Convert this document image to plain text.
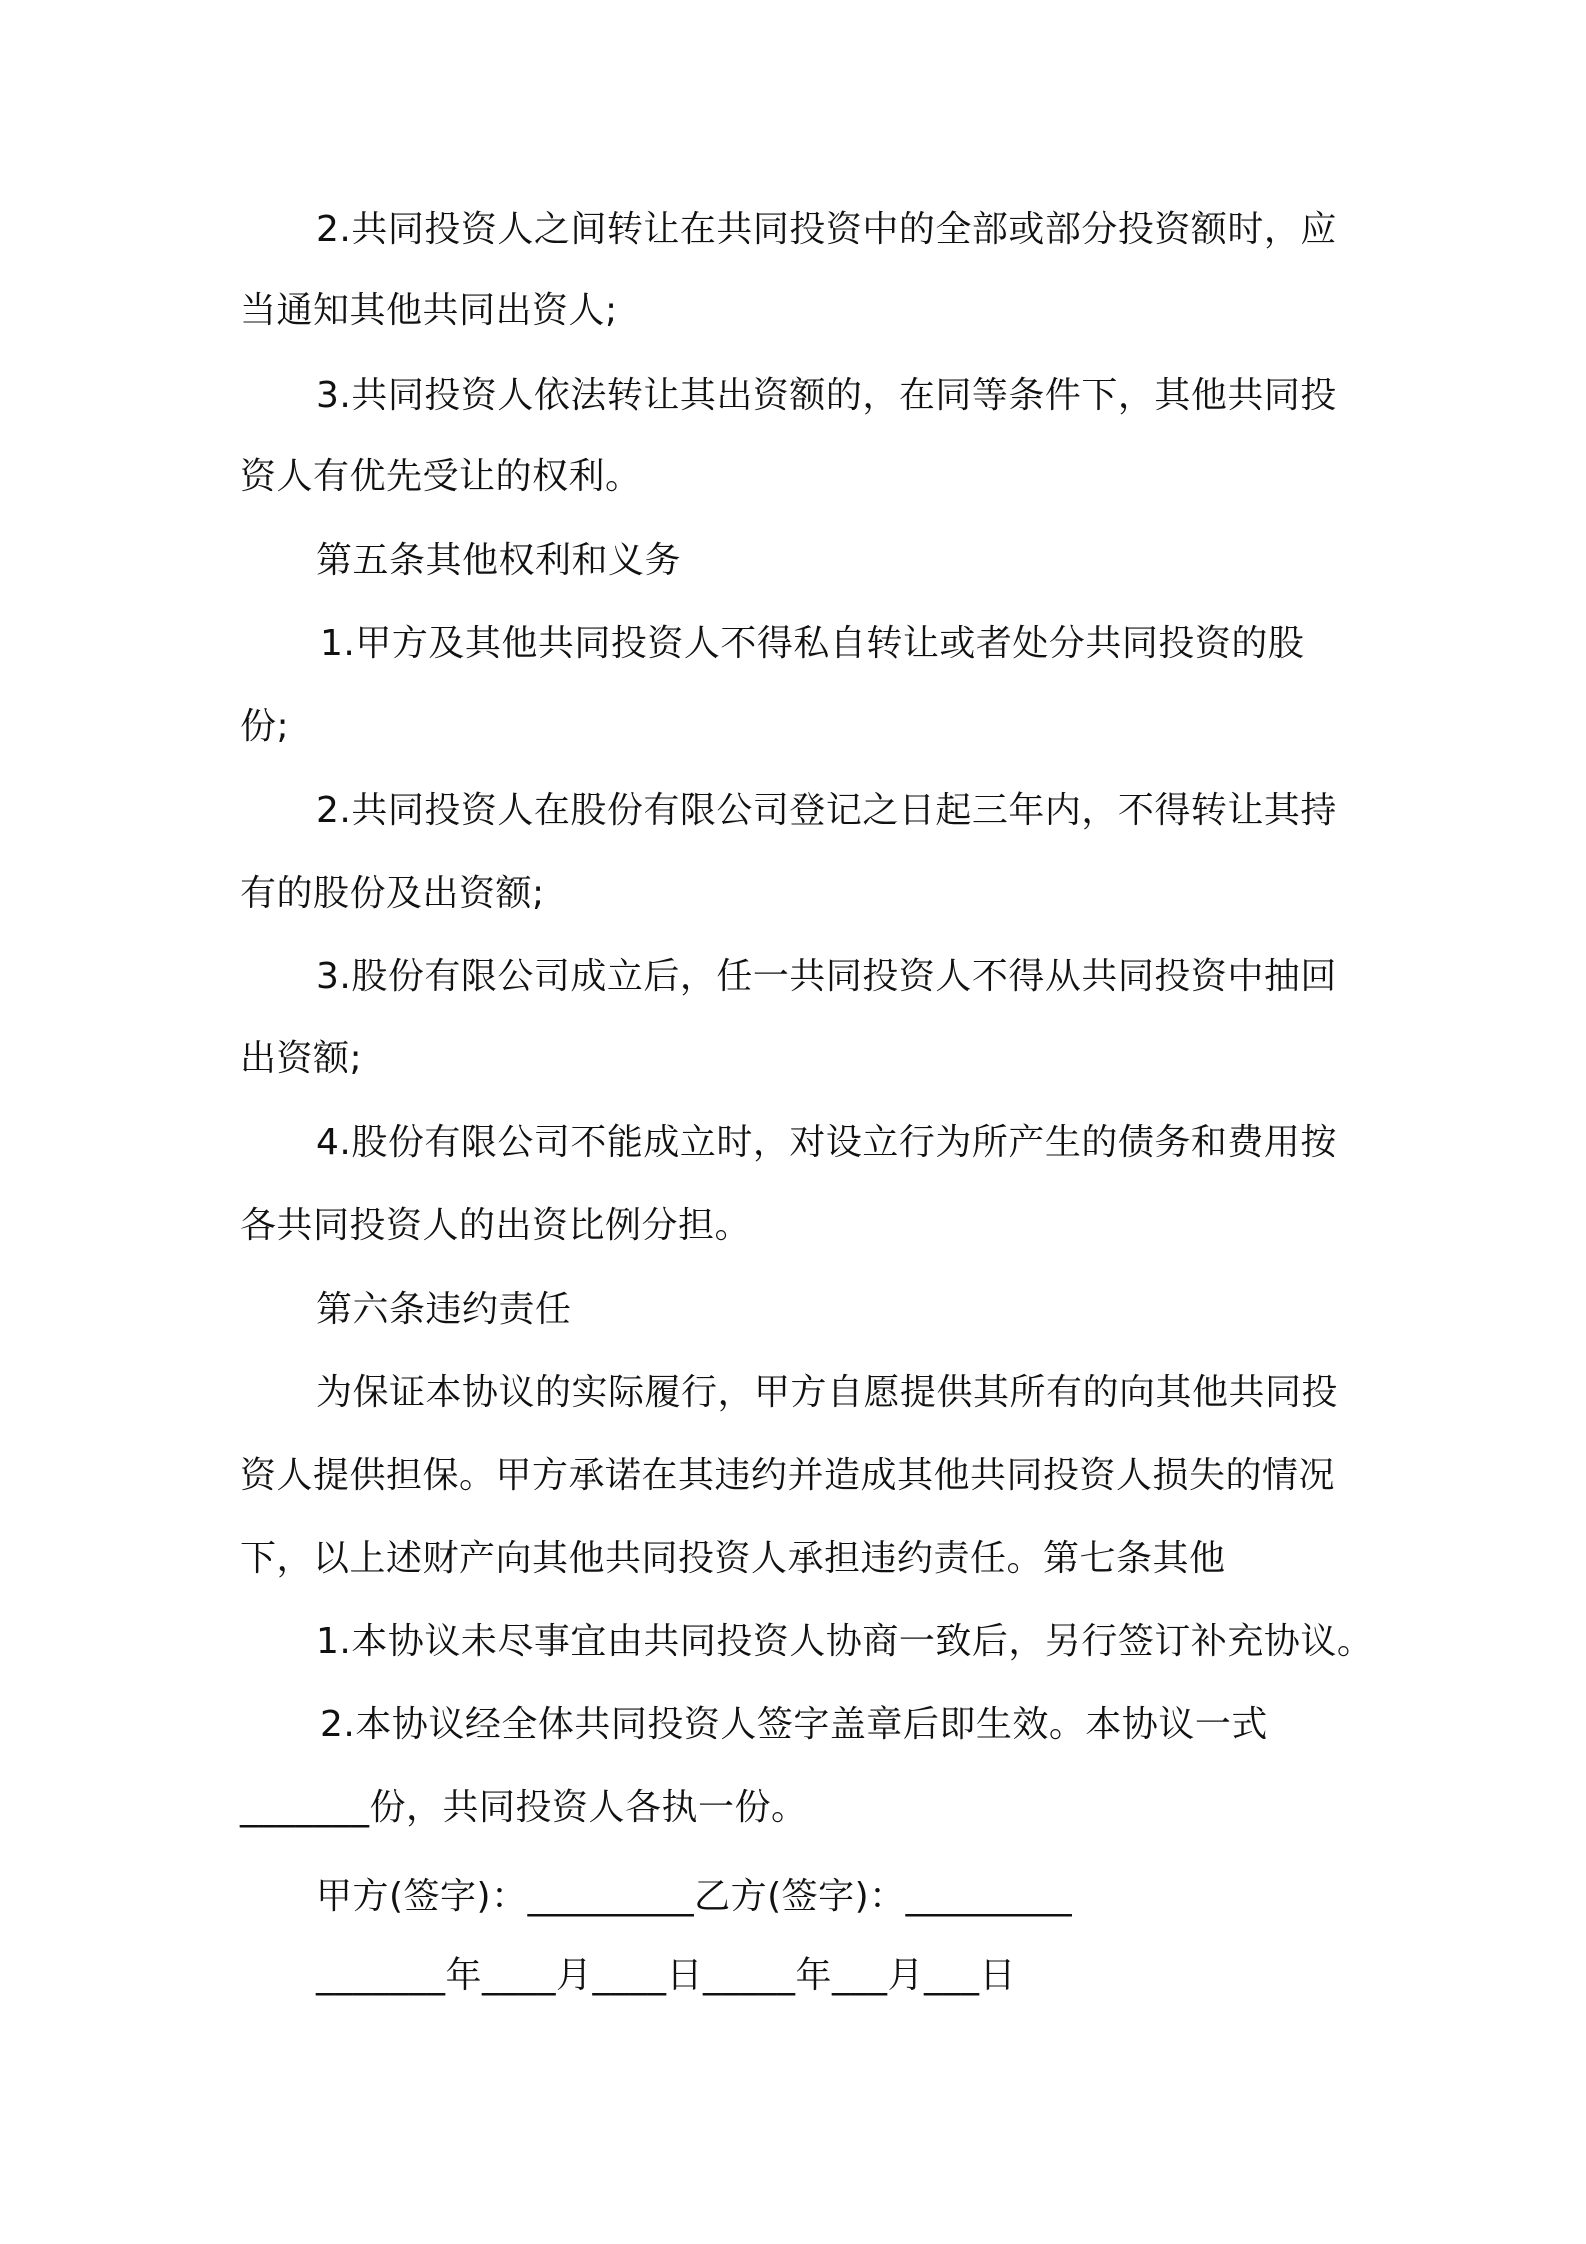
2.共同投资人之间转让在共同投资中的全部或部分投资额时，应
当通知其他共同出资人;
3.共同投资人依法转让其出资额的，在同等条件下，其他共同投
资人有优先受让的权利。
第五条其他权利和义务
1.甲方及其他共同投资人不得私自转让或者处分共同投资的股
份;
2.共同投资人在股份有限公司登记之日起三年内，不得转让其持
有的股份及出资额;
3.股份有限公司成立后，任一共同投资人不得从共同投资中抽回
出资额;
4.股份有限公司不能成立时，对设立行为所产生的债务和费用按
各共同投资人的出资比例分担。
第六条违约责任
为保证本协议的实际履行，甲方自愿提供其所有的向其他共同投
资人提供担保。甲方承诺在其违约并造成其他共同投资人损失的情况
下，以上述财产向其他共同投资人承担违约责任。第七条其他
1.本协议未尽事宜由共同投资人协商一致后，另行签订补充协议。
2.本协议经全体共同投资人签字盖章后即生效。本协议一式
_______份，共同投资人各执一份。
甲方(签字)：_________乙方(签字)：_________
_______年____月____日_____年___月___日
